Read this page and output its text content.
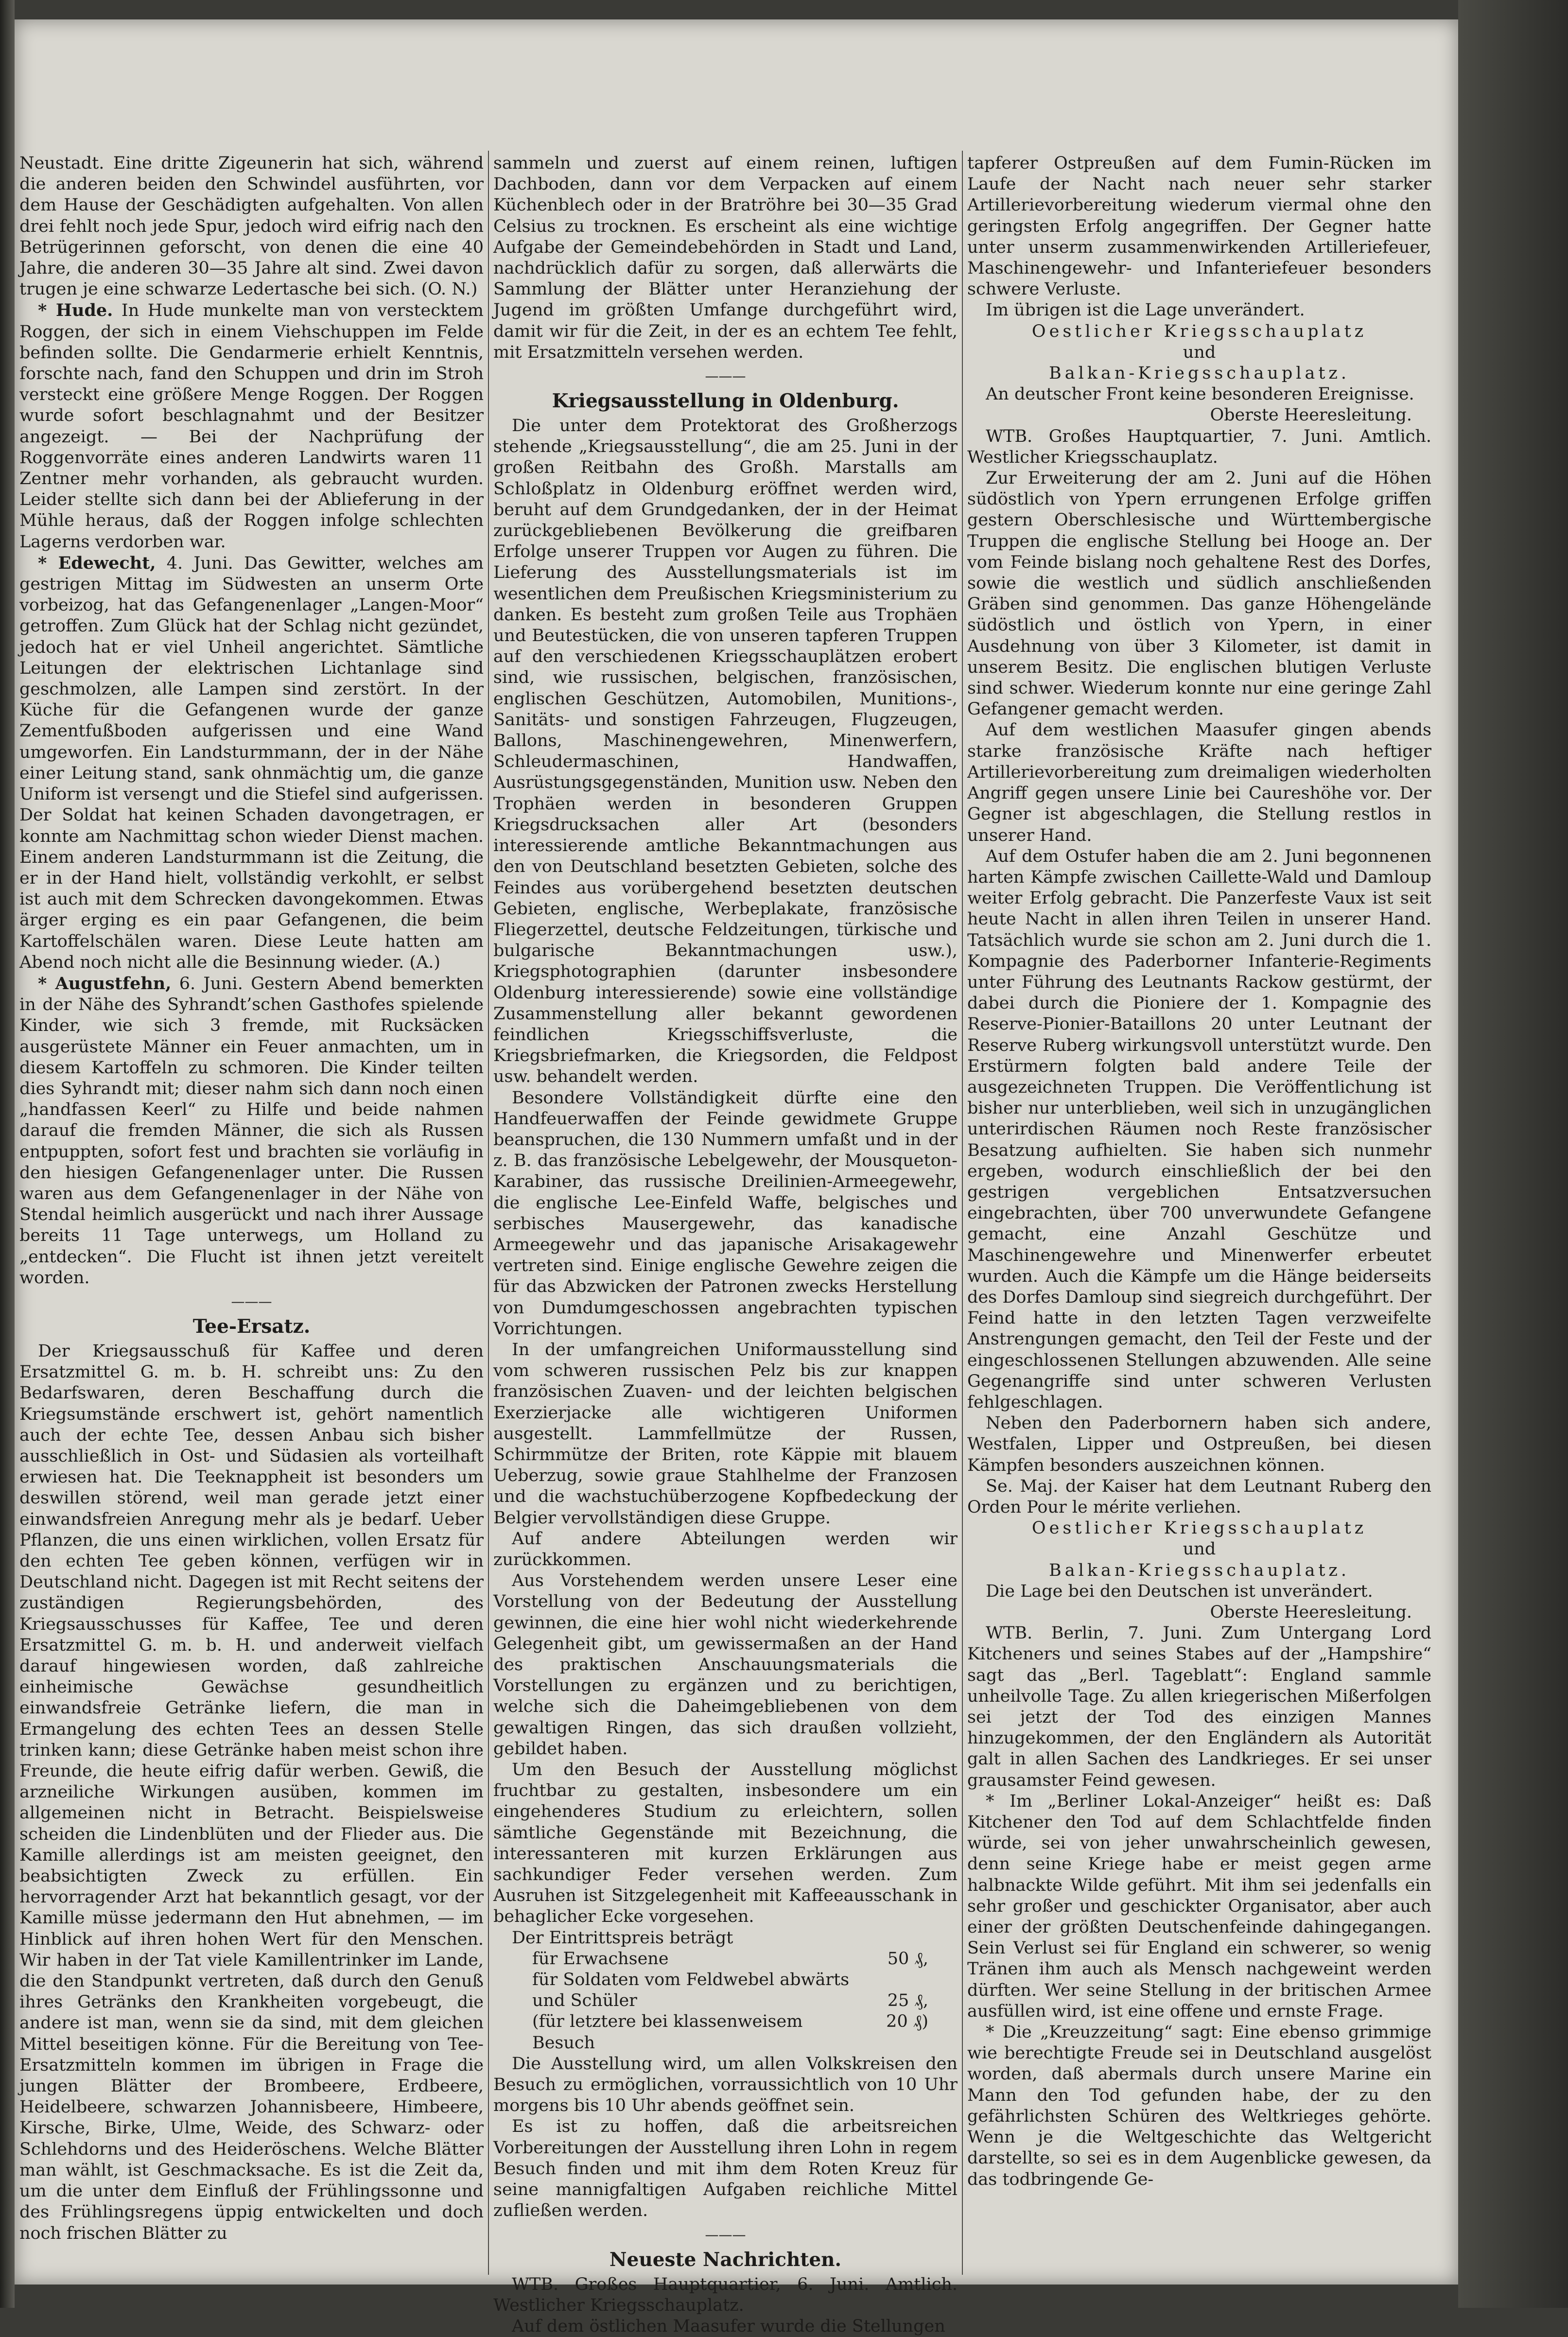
Neustadt. Eine dritte Zigeunerin hat sich, während die anderen beiden den Schwindel ausführten, vor dem Hause der Geschädigten aufgehalten. Von allen drei fehlt noch jede Spur, jedoch wird eifrig nach den Betrügerinnen geforscht, von denen die eine 40 Jahre, die anderen 30—35 Jahre alt sind. Zwei davon trugen je eine schwarze Ledertasche bei sich. (O. N.)

* Hude. In Hude munkelte man von verstecktem Roggen, der sich in einem Viehschuppen im Felde befinden sollte. Die Gendarmerie erhielt Kenntnis, forschte nach, fand den Schuppen und drin im Stroh versteckt eine größere Menge Roggen. Der Roggen wurde sofort beschlagnahmt und der Besitzer angezeigt. — Bei der Nachprüfung der Roggenvorräte eines anderen Landwirts waren 11 Zentner mehr vorhanden, als gebraucht wurden. Leider stellte sich dann bei der Ablieferung in der Mühle heraus, daß der Roggen infolge schlechten Lagerns verdorben war.

* Edewecht, 4. Juni. Das Gewitter, welches am gestrigen Mittag im Südwesten an unserm Orte vorbeizog, hat das Gefangenenlager „Langen-Moor“ getroffen. Zum Glück hat der Schlag nicht gezündet, jedoch hat er viel Unheil angerichtet. Sämtliche Leitungen der elektrischen Lichtanlage sind geschmolzen, alle Lampen sind zerstört. In der Küche für die Gefangenen wurde der ganze Zementfußboden aufgerissen und eine Wand umgeworfen. Ein Landsturmmann, der in der Nähe einer Leitung stand, sank ohnmächtig um, die ganze Uniform ist versengt und die Stiefel sind aufgerissen. Der Soldat hat keinen Schaden davongetragen, er konnte am Nachmittag schon wieder Dienst machen. Einem anderen Landsturmmann ist die Zeitung, die er in der Hand hielt, vollständig verkohlt, er selbst ist auch mit dem Schrecken davongekommen. Etwas ärger erging es ein paar Gefangenen, die beim Kartoffelschälen waren. Diese Leute hatten am Abend noch nicht alle die Besinnung wieder. (A.)

* Augustfehn, 6. Juni. Gestern Abend bemerkten in der Nähe des Syhrandt’schen Gasthofes spielende Kinder, wie sich 3 fremde, mit Rucksäcken ausgerüstete Männer ein Feuer anmachten, um in diesem Kartoffeln zu schmoren. Die Kinder teilten dies Syhrandt mit; dieser nahm sich dann noch einen „handfassen Keerl“ zu Hilfe und beide nahmen darauf die fremden Männer, die sich als Russen entpuppten, sofort fest und brachten sie vorläufig in den hiesigen Gefangenenlager unter. Die Russen waren aus dem Gefangenenlager in der Nähe von Stendal heimlich ausgerückt und nach ihrer Aussage bereits 11 Tage unterwegs, um Holland zu „entdecken“. Die Flucht ist ihnen jetzt vereitelt worden.

———
Tee-Ersatz.

Der Kriegsausschuß für Kaffee und deren Ersatzmittel G. m. b. H. schreibt uns: Zu den Bedarfswaren, deren Beschaffung durch die Kriegsumstände erschwert ist, gehört namentlich auch der echte Tee, dessen Anbau sich bisher ausschließlich in Ost- und Südasien als vorteilhaft erwiesen hat. Die Teeknappheit ist besonders um deswillen störend, weil man gerade jetzt einer einwandsfreien Anregung mehr als je bedarf. Ueber Pflanzen, die uns einen wirklichen, vollen Ersatz für den echten Tee geben können, verfügen wir in Deutschland nicht. Dagegen ist mit Recht seitens der zuständigen Regierungsbehörden, des Kriegsausschusses für Kaffee, Tee und deren Ersatzmittel G. m. b. H. und anderweit vielfach darauf hingewiesen worden, daß zahlreiche einheimische Gewächse gesundheitlich einwandsfreie Getränke liefern, die man in Ermangelung des echten Tees an dessen Stelle trinken kann; diese Getränke haben meist schon ihre Freunde, die heute eifrig dafür werben. Gewiß, die arzneiliche Wirkungen ausüben, kommen im allgemeinen nicht in Betracht. Beispielsweise scheiden die Lindenblüten und der Flieder aus. Die Kamille allerdings ist am meisten geeignet, den beabsichtigten Zweck zu erfüllen. Ein hervorragender Arzt hat bekanntlich gesagt, vor der Kamille müsse jedermann den Hut abnehmen, — im Hinblick auf ihren hohen Wert für den Menschen. Wir haben in der Tat viele Kamillentrinker im Lande, die den Standpunkt vertreten, daß durch den Genuß ihres Getränks den Krankheiten vorgebeugt, die andere ist man, wenn sie da sind, mit dem gleichen Mittel beseitigen könne. Für die Bereitung von Tee-Ersatzmitteln kommen im übrigen in Frage die jungen Blätter der Brombeere, Erdbeere, Heidelbeere, schwarzen Johannisbeere, Himbeere, Kirsche, Birke, Ulme, Weide, des Schwarz- oder Schlehdorns und des Heideröschens. Welche Blätter man wählt, ist Geschmacksache. Es ist die Zeit da, um die unter dem Einfluß der Frühlingssonne und des Frühlingsregens üppig entwickelten und doch noch frischen Blätter zu

sammeln und zuerst auf einem reinen, luftigen Dachboden, dann vor dem Verpacken auf einem Küchenblech oder in der Bratröhre bei 30—35 Grad Celsius zu trocknen. Es erscheint als eine wichtige Aufgabe der Gemeindebehörden in Stadt und Land, nachdrücklich dafür zu sorgen, daß allerwärts die Sammlung der Blätter unter Heranziehung der Jugend im größten Umfange durchgeführt wird, damit wir für die Zeit, in der es an echtem Tee fehlt, mit Ersatzmitteln versehen werden.

———
Kriegsausstellung in Oldenburg.

Die unter dem Protektorat des Großherzogs stehende „Kriegsausstellung“, die am 25. Juni in der großen Reitbahn des Großh. Marstalls am Schloßplatz in Oldenburg eröffnet werden wird, beruht auf dem Grundgedanken, der in der Heimat zurückgebliebenen Bevölkerung die greifbaren Erfolge unserer Truppen vor Augen zu führen. Die Lieferung des Ausstellungsmaterials ist im wesentlichen dem Preußischen Kriegsministerium zu danken. Es besteht zum großen Teile aus Trophäen und Beutestücken, die von unseren tapferen Truppen auf den verschiedenen Kriegsschauplätzen erobert sind, wie russischen, belgischen, französischen, englischen Geschützen, Automobilen, Munitions-, Sanitäts- und sonstigen Fahrzeugen, Flugzeugen, Ballons, Maschinengewehren, Minenwerfern, Schleudermaschinen, Handwaffen, Ausrüstungsgegenständen, Munition usw. Neben den Trophäen werden in besonderen Gruppen Kriegsdrucksachen aller Art (besonders interessierende amtliche Bekanntmachungen aus den von Deutschland besetzten Gebieten, solche des Feindes aus vorübergehend besetzten deutschen Gebieten, englische, Werbeplakate, französische Fliegerzettel, deutsche Feldzeitungen, türkische und bulgarische Bekanntmachungen usw.), Kriegsphotographien (darunter insbesondere Oldenburg interessierende) sowie eine vollständige Zusammenstellung aller bekannt gewordenen feindlichen Kriegsschiffsverluste, die Kriegsbriefmarken, die Kriegsorden, die Feldpost usw. behandelt werden.

Besondere Vollständigkeit dürfte eine den Handfeuerwaffen der Feinde gewidmete Gruppe beanspruchen, die 130 Nummern umfaßt und in der z. B. das französische Lebelgewehr, der Mousqueton-Karabiner, das russische Dreilinien-Armeegewehr, die englische Lee-Einfeld Waffe, belgisches und serbisches Mausergewehr, das kanadische Armeegewehr und das japanische Arisakagewehr vertreten sind. Einige englische Gewehre zeigen die für das Abzwicken der Patronen zwecks Herstellung von Dumdumgeschossen angebrachten typischen Vorrichtungen.

In der umfangreichen Uniformausstellung sind vom schweren russischen Pelz bis zur knappen französischen Zuaven- und der leichten belgischen Exerzierjacke alle wichtigeren Uniformen ausgestellt. Lammfellmütze der Russen, Schirmmütze der Briten, rote Käppie mit blauem Ueberzug, sowie graue Stahlhelme der Franzosen und die wachstuchüberzogene Kopfbedeckung der Belgier vervollständigen diese Gruppe.

Auf andere Abteilungen werden wir zurückkommen.

Aus Vorstehendem werden unsere Leser eine Vorstellung von der Bedeutung der Ausstellung gewinnen, die eine hier wohl nicht wiederkehrende Gelegenheit gibt, um gewissermaßen an der Hand des praktischen Anschauungsmaterials die Vorstellungen zu ergänzen und zu berichtigen, welche sich die Daheimgebliebenen von dem gewaltigen Ringen, das sich draußen vollzieht, gebildet haben.

Um den Besuch der Ausstellung möglichst fruchtbar zu gestalten, insbesondere um ein eingehenderes Studium zu erleichtern, sollen sämtliche Gegenstände mit Bezeichnung, die interessanteren mit kurzen Erklärungen aus sachkundiger Feder versehen werden. Zum Ausruhen ist Sitzgelegenheit mit Kaffeeausschank in behaglicher Ecke vorgesehen.

Der Eintrittspreis beträgt

für Erwachsene	50 ₰,
für Soldaten vom Feldwebel abwärts
und Schüler	25 ₰,
(für letztere bei klassenweisem Besuch
20 ₰)

Die Ausstellung wird, um allen Volkskreisen den Besuch zu ermöglichen, vorraussichtlich von 10 Uhr morgens bis 10 Uhr abends geöffnet sein.

Es ist zu hoffen, daß die arbeitsreichen Vorbereitungen der Ausstellung ihren Lohn in regem Besuch finden und mit ihm dem Roten Kreuz für seine mannigfaltigen Aufgaben reichliche Mittel zufließen werden.

———
Neueste Nachrichten.

WTB. Großes Hauptquartier, 6. Juni. Amtlich. Westlicher Kriegsschauplatz.

Auf dem östlichen Maasufer wurde die Stellungen

tapferer Ostpreußen auf dem Fumin-Rücken im Laufe der Nacht nach neuer sehr starker Artillerievorbereitung wiederum viermal ohne den geringsten Erfolg angegriffen. Der Gegner hatte unter unserm zusammenwirkenden Artilleriefeuer, Maschinengewehr- und Infanteriefeuer besonders schwere Verluste.

Im übrigen ist die Lage unverändert.

Oestlicher Kriegsschauplatz

und

Balkan-Kriegsschauplatz.

An deutscher Front keine besonderen Ereignisse.

Oberste Heeresleitung.

WTB. Großes Hauptquartier, 7. Juni. Amtlich. Westlicher Kriegsschauplatz.

Zur Erweiterung der am 2. Juni auf die Höhen südöstlich von Ypern errungenen Erfolge griffen gestern Oberschlesische und Württembergische Truppen die englische Stellung bei Hooge an. Der vom Feinde bislang noch gehaltene Rest des Dorfes, sowie die westlich und südlich anschließenden Gräben sind genommen. Das ganze Höhengelände südöstlich und östlich von Ypern, in einer Ausdehnung von über 3 Kilometer, ist damit in unserem Besitz. Die englischen blutigen Verluste sind schwer. Wiederum konnte nur eine geringe Zahl Gefangener gemacht werden.

Auf dem westlichen Maasufer gingen abends starke französische Kräfte nach heftiger Artillerievorbereitung zum dreimaligen wiederholten Angriff gegen unsere Linie bei Caureshöhe vor. Der Gegner ist abgeschlagen, die Stellung restlos in unserer Hand.

Auf dem Ostufer haben die am 2. Juni begonnenen harten Kämpfe zwischen Caillette-Wald und Damloup weiter Erfolg gebracht. Die Panzerfeste Vaux ist seit heute Nacht in allen ihren Teilen in unserer Hand. Tatsächlich wurde sie schon am 2. Juni durch die 1. Kompagnie des Paderborner Infanterie-Regiments unter Führung des Leutnants Rackow gestürmt, der dabei durch die Pioniere der 1. Kompagnie des Reserve-Pionier-Bataillons 20 unter Leutnant der Reserve Ruberg wirkungsvoll unterstützt wurde. Den Erstürmern folgten bald andere Teile der ausgezeichneten Truppen. Die Veröffentlichung ist bisher nur unterblieben, weil sich in unzugänglichen unterirdischen Räumen noch Reste französischer Besatzung aufhielten. Sie haben sich nunmehr ergeben, wodurch einschließlich der bei den gestrigen vergeblichen Entsatzversuchen eingebrachten, über 700 unverwundete Gefangene gemacht, eine Anzahl Geschütze und Maschinengewehre und Minenwerfer erbeutet wurden. Auch die Kämpfe um die Hänge beiderseits des Dorfes Damloup sind siegreich durchgeführt. Der Feind hatte in den letzten Tagen verzweifelte Anstrengungen gemacht, den Teil der Feste und der eingeschlossenen Stellungen abzuwenden. Alle seine Gegenangriffe sind unter schweren Verlusten fehlgeschlagen.

Neben den Paderbornern haben sich andere, Westfalen, Lipper und Ostpreußen, bei diesen Kämpfen besonders auszeichnen können.

Se. Maj. der Kaiser hat dem Leutnant Ruberg den Orden Pour le mérite verliehen.

Oestlicher Kriegsschauplatz

und

Balkan-Kriegsschauplatz.

Die Lage bei den Deutschen ist unverändert.

Oberste Heeresleitung.

WTB. Berlin, 7. Juni. Zum Untergang Lord Kitcheners und seines Stabes auf der „Hampshire“ sagt das „Berl. Tageblatt“: England sammle unheilvolle Tage. Zu allen kriegerischen Mißerfolgen sei jetzt der Tod des einzigen Mannes hinzugekommen, der den Engländern als Autorität galt in allen Sachen des Landkrieges. Er sei unser grausamster Feind gewesen.

* Im „Berliner Lokal-Anzeiger“ heißt es: Daß Kitchener den Tod auf dem Schlachtfelde finden würde, sei von jeher unwahrscheinlich gewesen, denn seine Kriege habe er meist gegen arme halbnackte Wilde geführt. Mit ihm sei jedenfalls ein sehr großer und geschickter Organisator, aber auch einer der größten Deutschenfeinde dahingegangen. Sein Verlust sei für England ein schwerer, so wenig Tränen ihm auch als Mensch nachgeweint werden dürften. Wer seine Stellung in der britischen Armee ausfüllen wird, ist eine offene und ernste Frage.

* Die „Kreuzzeitung“ sagt: Eine ebenso grimmige wie berechtigte Freude sei in Deutschland ausgelöst worden, daß abermals durch unsere Marine ein Mann den Tod gefunden habe, der zu den gefährlichsten Schüren des Weltkrieges gehörte. Wenn je die Weltgeschichte das Weltgericht darstellte, so sei es in dem Augenblicke gewesen, da das todbringende Ge-
